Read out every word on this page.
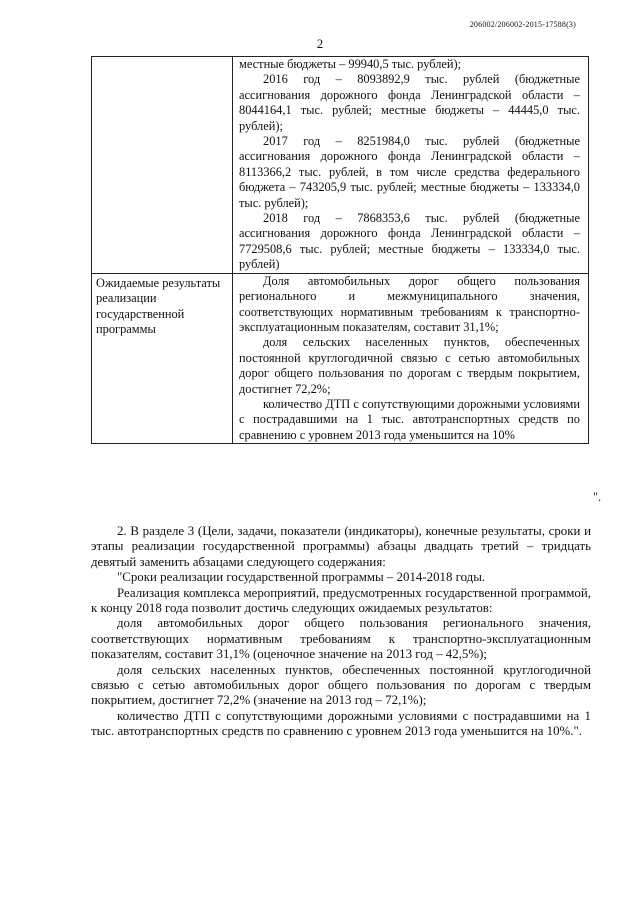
206002/206002-2015-17588(3)
2

	местные бюджеты – 99940,5 тыс. рублей);

2016 год – 8093892,9 тыс. рублей (бюджетные ассигнования дорожного фонда Ленинградской области – 8044164,1 тыс. рублей; местные бюджеты – 44445,0 тыс. рублей);

2017 год – 8251984,0 тыс. рублей (бюджетные ассигнования дорожного фонда Ленинградской области – 8113366,2 тыс. рублей, в том числе средства федерального бюджета – 743205,9 тыс. рублей; местные бюджеты – 133334,0 тыс. рублей);

2018 год – 7868353,6 тыс. рублей (бюджетные ассигнования дорожного фонда Ленинградской области – 7729508,6 тыс. рублей; местные бюджеты – 133334,0 тыс. рублей)

Ожидаемые результаты реализации государственной программы	Доля автомобильных дорог общего пользования регионального и межмуниципального значения, соответствующих нормативным требованиям к транспортно-эксплуатационным показателям, составит 31,1%;

доля сельских населенных пунктов, обеспеченных постоянной круглогодичной связью с сетью автомобильных дорог общего пользования по дорогам с твердым покрытием, достигнет 72,2%;

количество ДТП с сопутствующими дорожными условиями с пострадавшими на 1 тыс. автотранспортных средств по сравнению с уровнем 2013 года уменьшится на 10%

".

2. В разделе 3 (Цели, задачи, показатели (индикаторы), конечные результаты, сроки и этапы реализации государственной программы) абзацы двадцать третий – тридцать девятый заменить абзацами следующего содержания:

"Сроки реализации государственной программы – 2014-2018 годы.

Реализация комплекса мероприятий, предусмотренных государственной программой, к концу 2018 года позволит достичь следующих ожидаемых результатов:

доля автомобильных дорог общего пользования регионального значения, соответствующих нормативным требованиям к транспортно-эксплуатационным показателям, составит 31,1% (оценочное значение на 2013 год – 42,5%);

доля сельских населенных пунктов, обеспеченных постоянной круглогодичной связью с сетью автомобильных дорог общего пользования по дорогам с твердым покрытием, достигнет 72,2% (значение на 2013 год – 72,1%);

количество ДТП с сопутствующими дорожными условиями с пострадавшими на 1 тыс. автотранспортных средств по сравнению с уровнем 2013 года уменьшится на 10%.".
